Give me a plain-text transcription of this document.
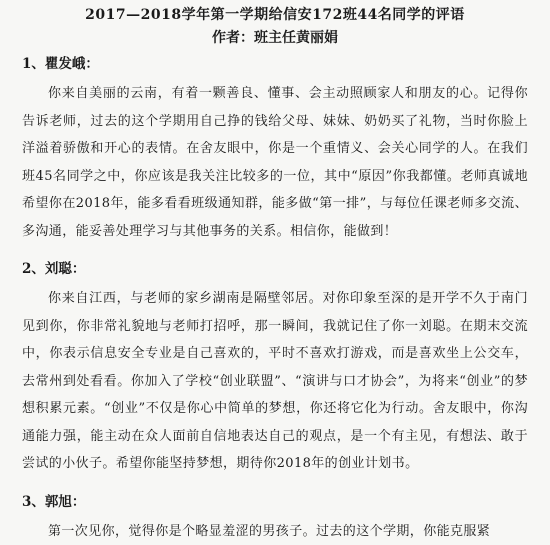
2017—2018学年第一学期给信安172班44名同学的评语

作者：班主任黄丽娟

1、瞿发峨：

你来自美丽的云南，有着一颗善良、懂事、会主动照顾家人和朋友的心。记得你告诉老师，过去的这个学期用自己挣的钱给父母、妹妹、奶奶买了礼物，当时你脸上洋溢着骄傲和开心的表情。在舍友眼中，你是一个重情义、会关心同学的人。在我们班45名同学之中，你应该是我关注比较多的一位，其中“原因”你我都懂。老师真诚地希望你在2018年，能多看看班级通知群，能多做“第一排”，与每位任课老师多交流、多沟通，能妥善处理学习与其他事务的关系。相信你，能做到！

2、刘聪：

你来自江西，与老师的家乡湖南是隔壁邻居。对你印象至深的是开学不久于南门见到你，你非常礼貌地与老师打招呼，那一瞬间，我就记住了你一刘聪。在期末交流中，你表示信息安全专业是自己喜欢的，平时不喜欢打游戏，而是喜欢坐上公交车，去常州到处看看。你加入了学校“创业联盟”、“演讲与口才协会”，为将来“创业”的梦想积累元素。“创业”不仅是你心中简单的梦想，你还将它化为行动。舍友眼中，你沟通能力强，能主动在众人面前自信地表达自己的观点，是一个有主见，有想法、敢于尝试的小伙子。希望你能坚持梦想，期待你2018年的创业计划书。

3、郭旭：

第一次见你，觉得你是个略显羞涩的男孩子。过去的这个学期，你能克服紧
